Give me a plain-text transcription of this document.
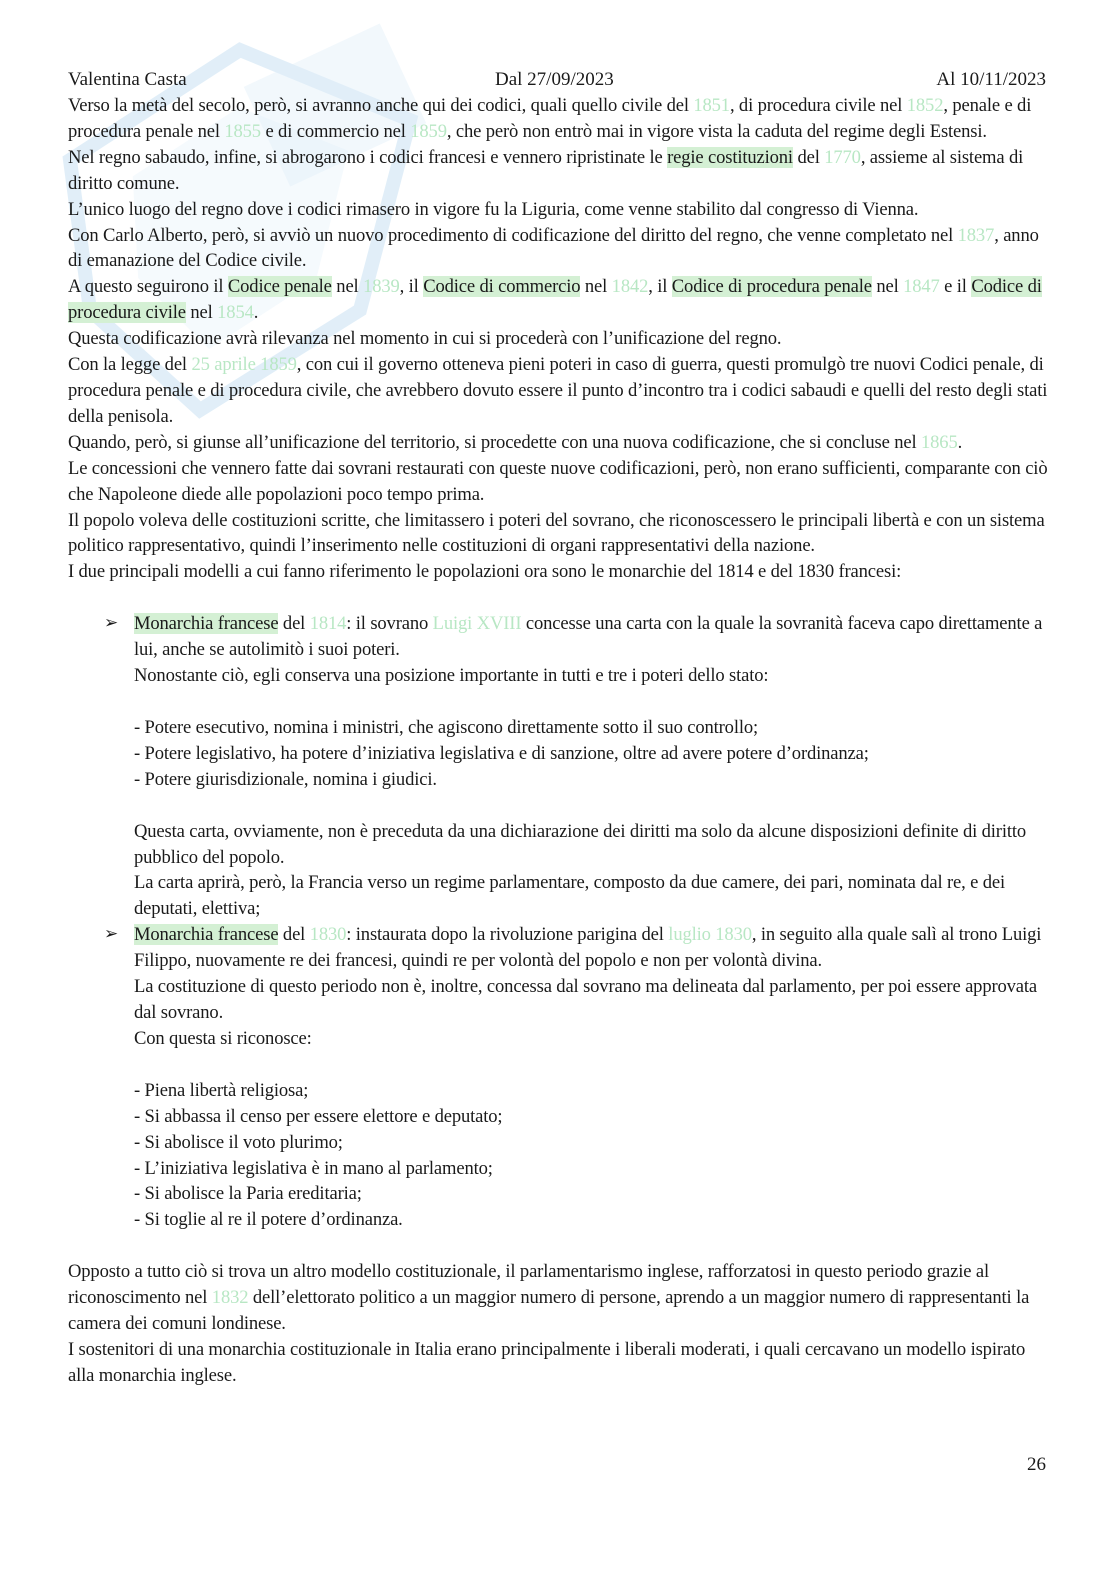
Valentina Casta	Dal 27/09/2023	Al 10/11/2023

Verso la metà del secolo, però, si avranno anche qui dei codici, quali quello civile del 1851, di procedura civile nel 1852, penale e di procedura penale nel 1855 e di commercio nel 1859, che però non entrò mai in vigore vista la caduta del regime degli Estensi.

Nel regno sabaudo, infine, si abrogarono i codici francesi e vennero ripristinate le regie costituzioni del 1770, assieme al sistema di diritto comune.

L’unico luogo del regno dove i codici rimasero in vigore fu la Liguria, come venne stabilito dal congresso di Vienna.

Con Carlo Alberto, però, si avviò un nuovo procedimento di codificazione del diritto del regno, che venne completato nel 1837, anno di emanazione del Codice civile.

A questo seguirono il Codice penale nel 1839, il Codice di commercio nel 1842, il Codice di procedura penale nel 1847 e il Codice di procedura civile nel 1854.

Questa codificazione avrà rilevanza nel momento in cui si procederà con l’unificazione del regno.

Con la legge del 25 aprile 1859, con cui il governo otteneva pieni poteri in caso di guerra, questi promulgò tre nuovi Codici penale, di procedura penale e di procedura civile, che avrebbero dovuto essere il punto d’incontro tra i codici sabaudi e quelli del resto degli stati della penisola.

Quando, però, si giunse all’unificazione del territorio, si procedette con una nuova codificazione, che si concluse nel 1865.

Le concessioni che vennero fatte dai sovrani restaurati con queste nuove codificazioni, però, non erano sufficienti, comparante con ciò che Napoleone diede alle popolazioni poco tempo prima.

Il popolo voleva delle costituzioni scritte, che limitassero i poteri del sovrano, che riconoscessero le principali libertà e con un sistema politico rappresentativo, quindi l’inserimento nelle costituzioni di organi rappresentativi della nazione.

I due principali modelli a cui fanno riferimento le popolazioni ora sono le monarchie del 1814 e del 1830 francesi:

➢ Monarchia francese del 1814: il sovrano Luigi XVIII concesse una carta con la quale la sovranità faceva capo direttamente a lui, anche se autolimitò i suoi poteri.

Nonostante ciò, egli conserva una posizione importante in tutti e tre i poteri dello stato:

- Potere esecutivo, nomina i ministri, che agiscono direttamente sotto il suo controllo;

- Potere legislativo, ha potere d’iniziativa legislativa e di sanzione, oltre ad avere potere d’ordinanza;

- Potere giurisdizionale, nomina i giudici.

Questa carta, ovviamente, non è preceduta da una dichiarazione dei diritti ma solo da alcune disposizioni definite di diritto pubblico del popolo.

La carta aprirà, però, la Francia verso un regime parlamentare, composto da due camere, dei pari, nominata dal re, e dei deputati, elettiva;

➢ Monarchia francese del 1830: instaurata dopo la rivoluzione parigina del luglio 1830, in seguito alla quale salì al trono Luigi Filippo, nuovamente re dei francesi, quindi re per volontà del popolo e non per volontà divina.

La costituzione di questo periodo non è, inoltre, concessa dal sovrano ma delineata dal parlamento, per poi essere approvata dal sovrano.

Con questa si riconosce:

- Piena libertà religiosa;

- Si abbassa il censo per essere elettore e deputato;

- Si abolisce il voto plurimo;

- L’iniziativa legislativa è in mano al parlamento;

- Si abolisce la Paria ereditaria;

- Si toglie al re il potere d’ordinanza.

Opposto a tutto ciò si trova un altro modello costituzionale, il parlamentarismo inglese, rafforzatosi in questo periodo grazie al riconoscimento nel 1832 dell’elettorato politico a un maggior numero di persone, aprendo a un maggior numero di rappresentanti la camera dei comuni londinese.

I sostenitori di una monarchia costituzionale in Italia erano principalmente i liberali moderati, i quali cercavano un modello ispirato alla monarchia inglese.

26
